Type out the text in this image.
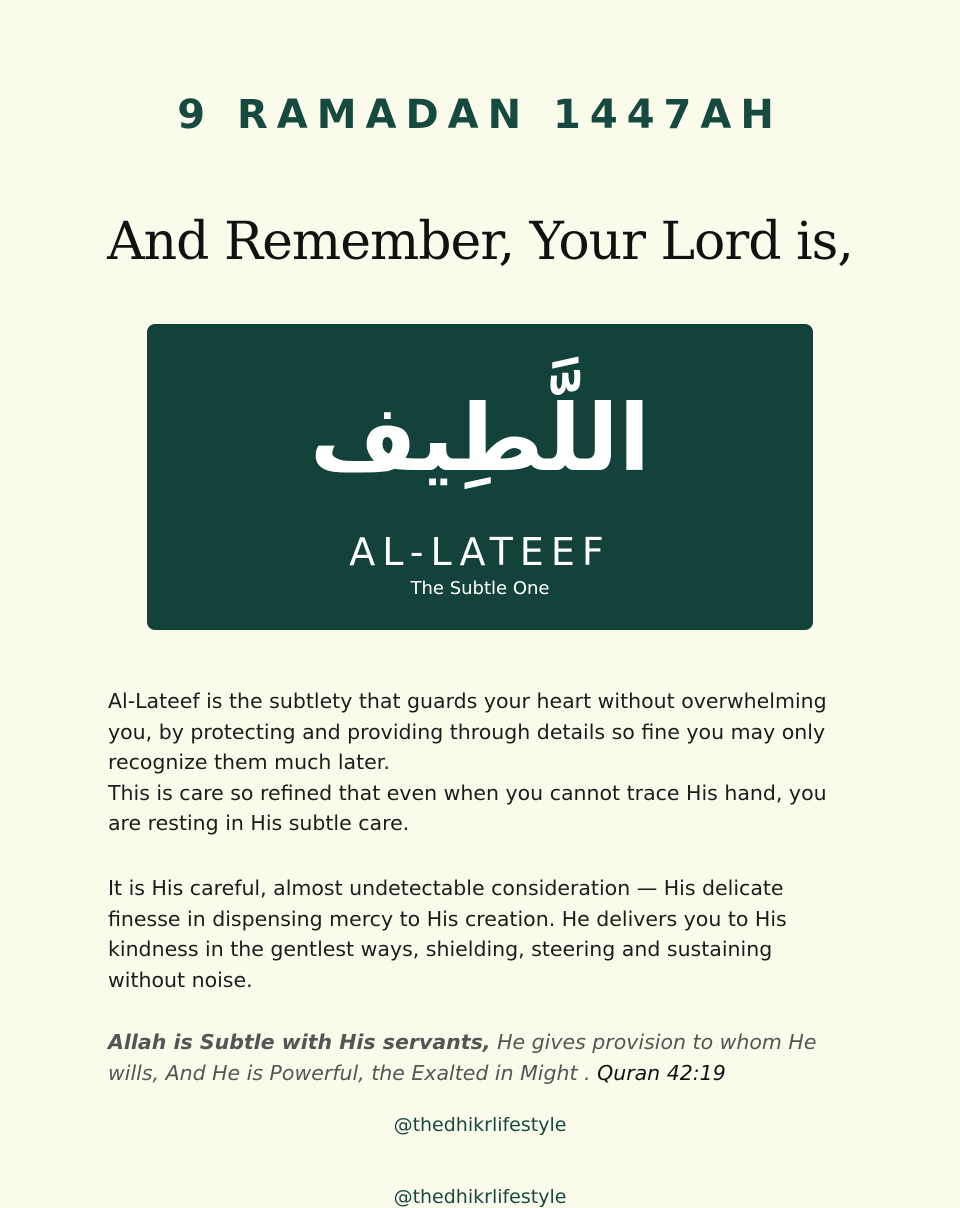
9 RAMADAN 1447AH
And Remember, Your Lord is,
اللَّطِيف
AL-LATEEF
The Subtle One

Al-Lateef is the subtlety that guards your heart without overwhelming you, by protecting and providing through details so fine you may only recognize them much later.
This is care so refined that even when you cannot trace His hand, you are resting in His subtle care.

It is His careful, almost undetectable consideration — His delicate finesse in dispensing mercy to His creation. He delivers you to His kindness in the gentlest ways, shielding, steering and sustaining without noise.

Allah is Subtle with His servants, He gives provision to whom He wills, And He is Powerful, the Exalted in Might . Quran 42:19

@thedhikrlifestyle
@thedhikrlifestyle
